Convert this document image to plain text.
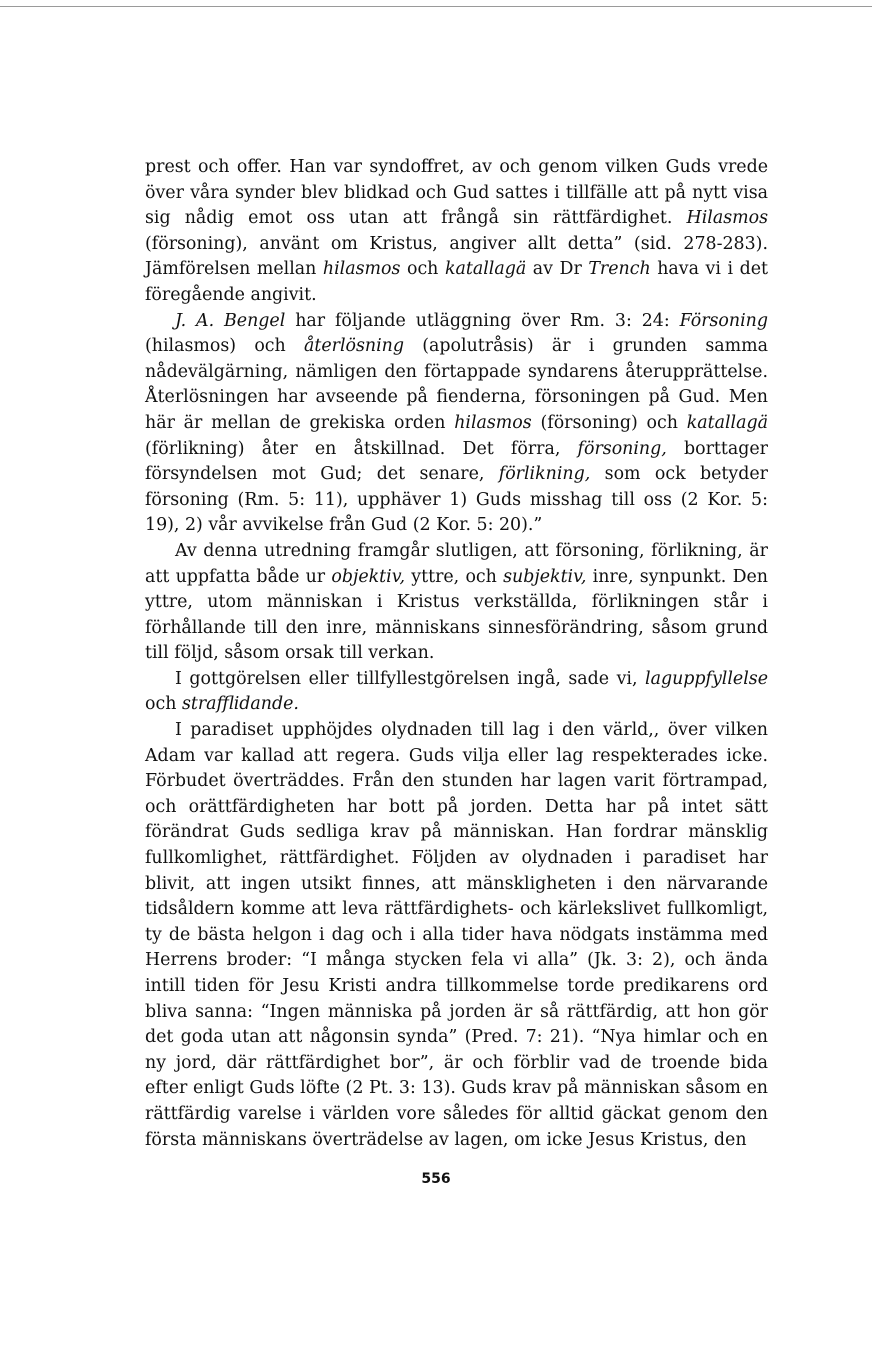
prest och offer. Han var syndoffret, av och genom vilken Guds vrede över våra synder blev blidkad och Gud sattes i tillfälle att på nytt visa sig nådig emot oss utan att frångå sin rättfärdighet. Hilasmos (försoning), använt om Kristus, angiver allt detta” (sid. 278-283). Jämförelsen mellan hilasmos och katallagä av Dr Trench hava vi i det föregående angivit.

J. A. Bengel har följande utläggning över Rm. 3: 24: Försoning (hilasmos) och återlösning (apolutråsis) är i grunden samma nådevälgärning, nämligen den förtappade syndarens återupprättelse. Återlösningen har avseende på fienderna, försoningen på Gud. Men här är mellan de grekiska orden hilasmos (försoning) och katallagä (förlikning) åter en åtskillnad. Det förra, försoning, borttager försyndelsen mot Gud; det senare, förlikning, som ock betyder försoning (Rm. 5: 11), upphäver 1) Guds misshag till oss (2 Kor. 5: 19), 2) vår avvikelse från Gud (2 Kor. 5: 20).”

Av denna utredning framgår slutligen, att försoning, förlikning, är att uppfatta både ur objektiv, yttre, och subjektiv, inre, synpunkt. Den yttre, utom människan i Kristus verkställda, förlikningen står i förhållande till den inre, människans sinnesförändring, såsom grund till följd, såsom orsak till verkan.

I gottgörelsen eller tillfyllestgörelsen ingå, sade vi, laguppfyllelse och strafflidande.

I paradiset upphöjdes olydnaden till lag i den värld,, över vilken Adam var kallad att regera. Guds vilja eller lag respekterades icke. Förbudet överträddes. Från den stunden har lagen varit förtrampad, och orättfärdigheten har bott på jorden. Detta har på intet sätt förändrat Guds sedliga krav på människan. Han fordrar mänsklig fullkomlighet, rättfärdighet. Följden av olydnaden i paradiset har blivit, att ingen utsikt finnes, att mänskligheten i den närvarande tidsåldern komme att leva rättfärdighets- och kärlekslivet fullkomligt, ty de bästa helgon i dag och i alla tider hava nödgats instämma med Herrens broder: “I många stycken fela vi alla” (Jk. 3: 2), och ända intill tiden för Jesu Kristi andra tillkommelse torde predikarens ord bliva sanna: “Ingen människa på jorden är så rättfärdig, att hon gör det goda utan att någonsin synda” (Pred. 7: 21). “Nya himlar och en ny jord, där rättfärdighet bor”, är och förblir vad de troende bida efter enligt Guds löfte (2 Pt. 3: 13). Guds krav på människan såsom en rättfärdig varelse i världen vore således för alltid gäckat genom den första människans överträdelse av lagen, om icke Jesus Kristus, den

556
